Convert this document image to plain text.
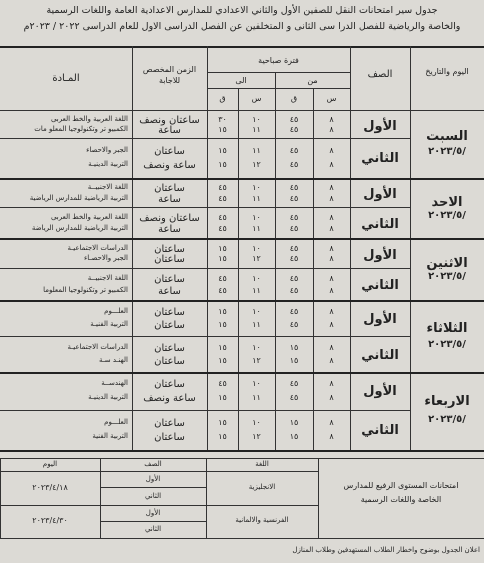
جدول سير امتحانات النقل للصفين الأول والثاني الاعدادي للمدارس الاعدادية العامة واللغات الرسمية
والخاصة والرياضية للفصل الدرا سى الثانى و المتخلفين عن الفصل الدراسى الاول للعام الدراسى ٢٠٢٢ / ٢٠٢٣م
اليوم والتاريخ
الصف
فترة صباحية
من
الى
س
ق
س
ق
الزمن المخصص للاجابة
المـادة
السبت
٢٠٢٣/٥/
الأول
٨
٤٥
٨
٤٥
١٠
٣٠
١١
١٥
ساعتان ونصف
ساعة
اللغة العربية والخط العربى
الكمبيو تر وتكنولوجيا المعلو مات
الثاني
٨
٤٥
٨
٤٥
١١
١٥
١٢
١٥
ساعتان
ساعة ونصف
الجبر والاحصاء
التربية الدينيـة
الاحد
٢٠٢٣/٥/
الأول
٨
٤٥
٨
٤٥
١٠
٤٥
١١
٤٥
ساعتان
ساعة
اللغة الاجنبيــة
التربية الرياضية للمدارس الرياضية
الثاني
٨
٤٥
٨
٤٥
١٠
٤٥
١١
٤٥
ساعتان ونصف
ساعة
اللغة العربية والخط العربى
التربية الرياضية للمدارس الرياضة
الاثنين
٢٠٢٣/٥/
الأول
٨
٤٥
٨
٤٥
١٠
١٥
١٢
١٥
ساعتان
ساعتان
الدراسات الاجتماعيـة
الجبر والاحصـاء
الثاني
٨
٤٥
٨
٤٥
١٠
٤٥
١١
٤٥
ساعتان
ساعة
اللغة الاجنبيــة
الكمبيو تر وتكنولوجيا المعلوما
الثلاثاء
٢٠٢٣/٥/
الأول
٨
٤٥
٨
٤٥
١٠
١٥
١١
١٥
ساعتان
ساعتان
العلـــوم
التربية الفنيـة
الثاني
٨
١٥
٨
١٥
١٠
١٥
١٢
١٥
ساعتان
ساعتان
الدراسات الاجتماعيـة
الهنـد سـة
الاربعاء
٢٠٢٣/٥/
الأول
٨
٤٥
٨
٤٥
١٠
٤٥
١١
١٥
ساعتان
ساعة ونصف
الهندســة
التربية الدينيـة
الثاني
٨
١٥
٨
١٥
١٠
١٥
١٢
١٥
ساعتان
ساعتان
العلـــوم
التربية الفنية
امتحانات المستوى الرفيع للمدارس
الخاصة واللغات الرسمية
اللغة
الصف
اليوم
الانجليزية
الأول
الثاني
٢٠٢٣/٤/١٨
الفرنسية والالمانية
الأول
الثاني
٢٠٢٣/٤/٣٠
اعلان الجدول بوضوح واخطار الطلاب المستهدفين وطلاب المنازل
